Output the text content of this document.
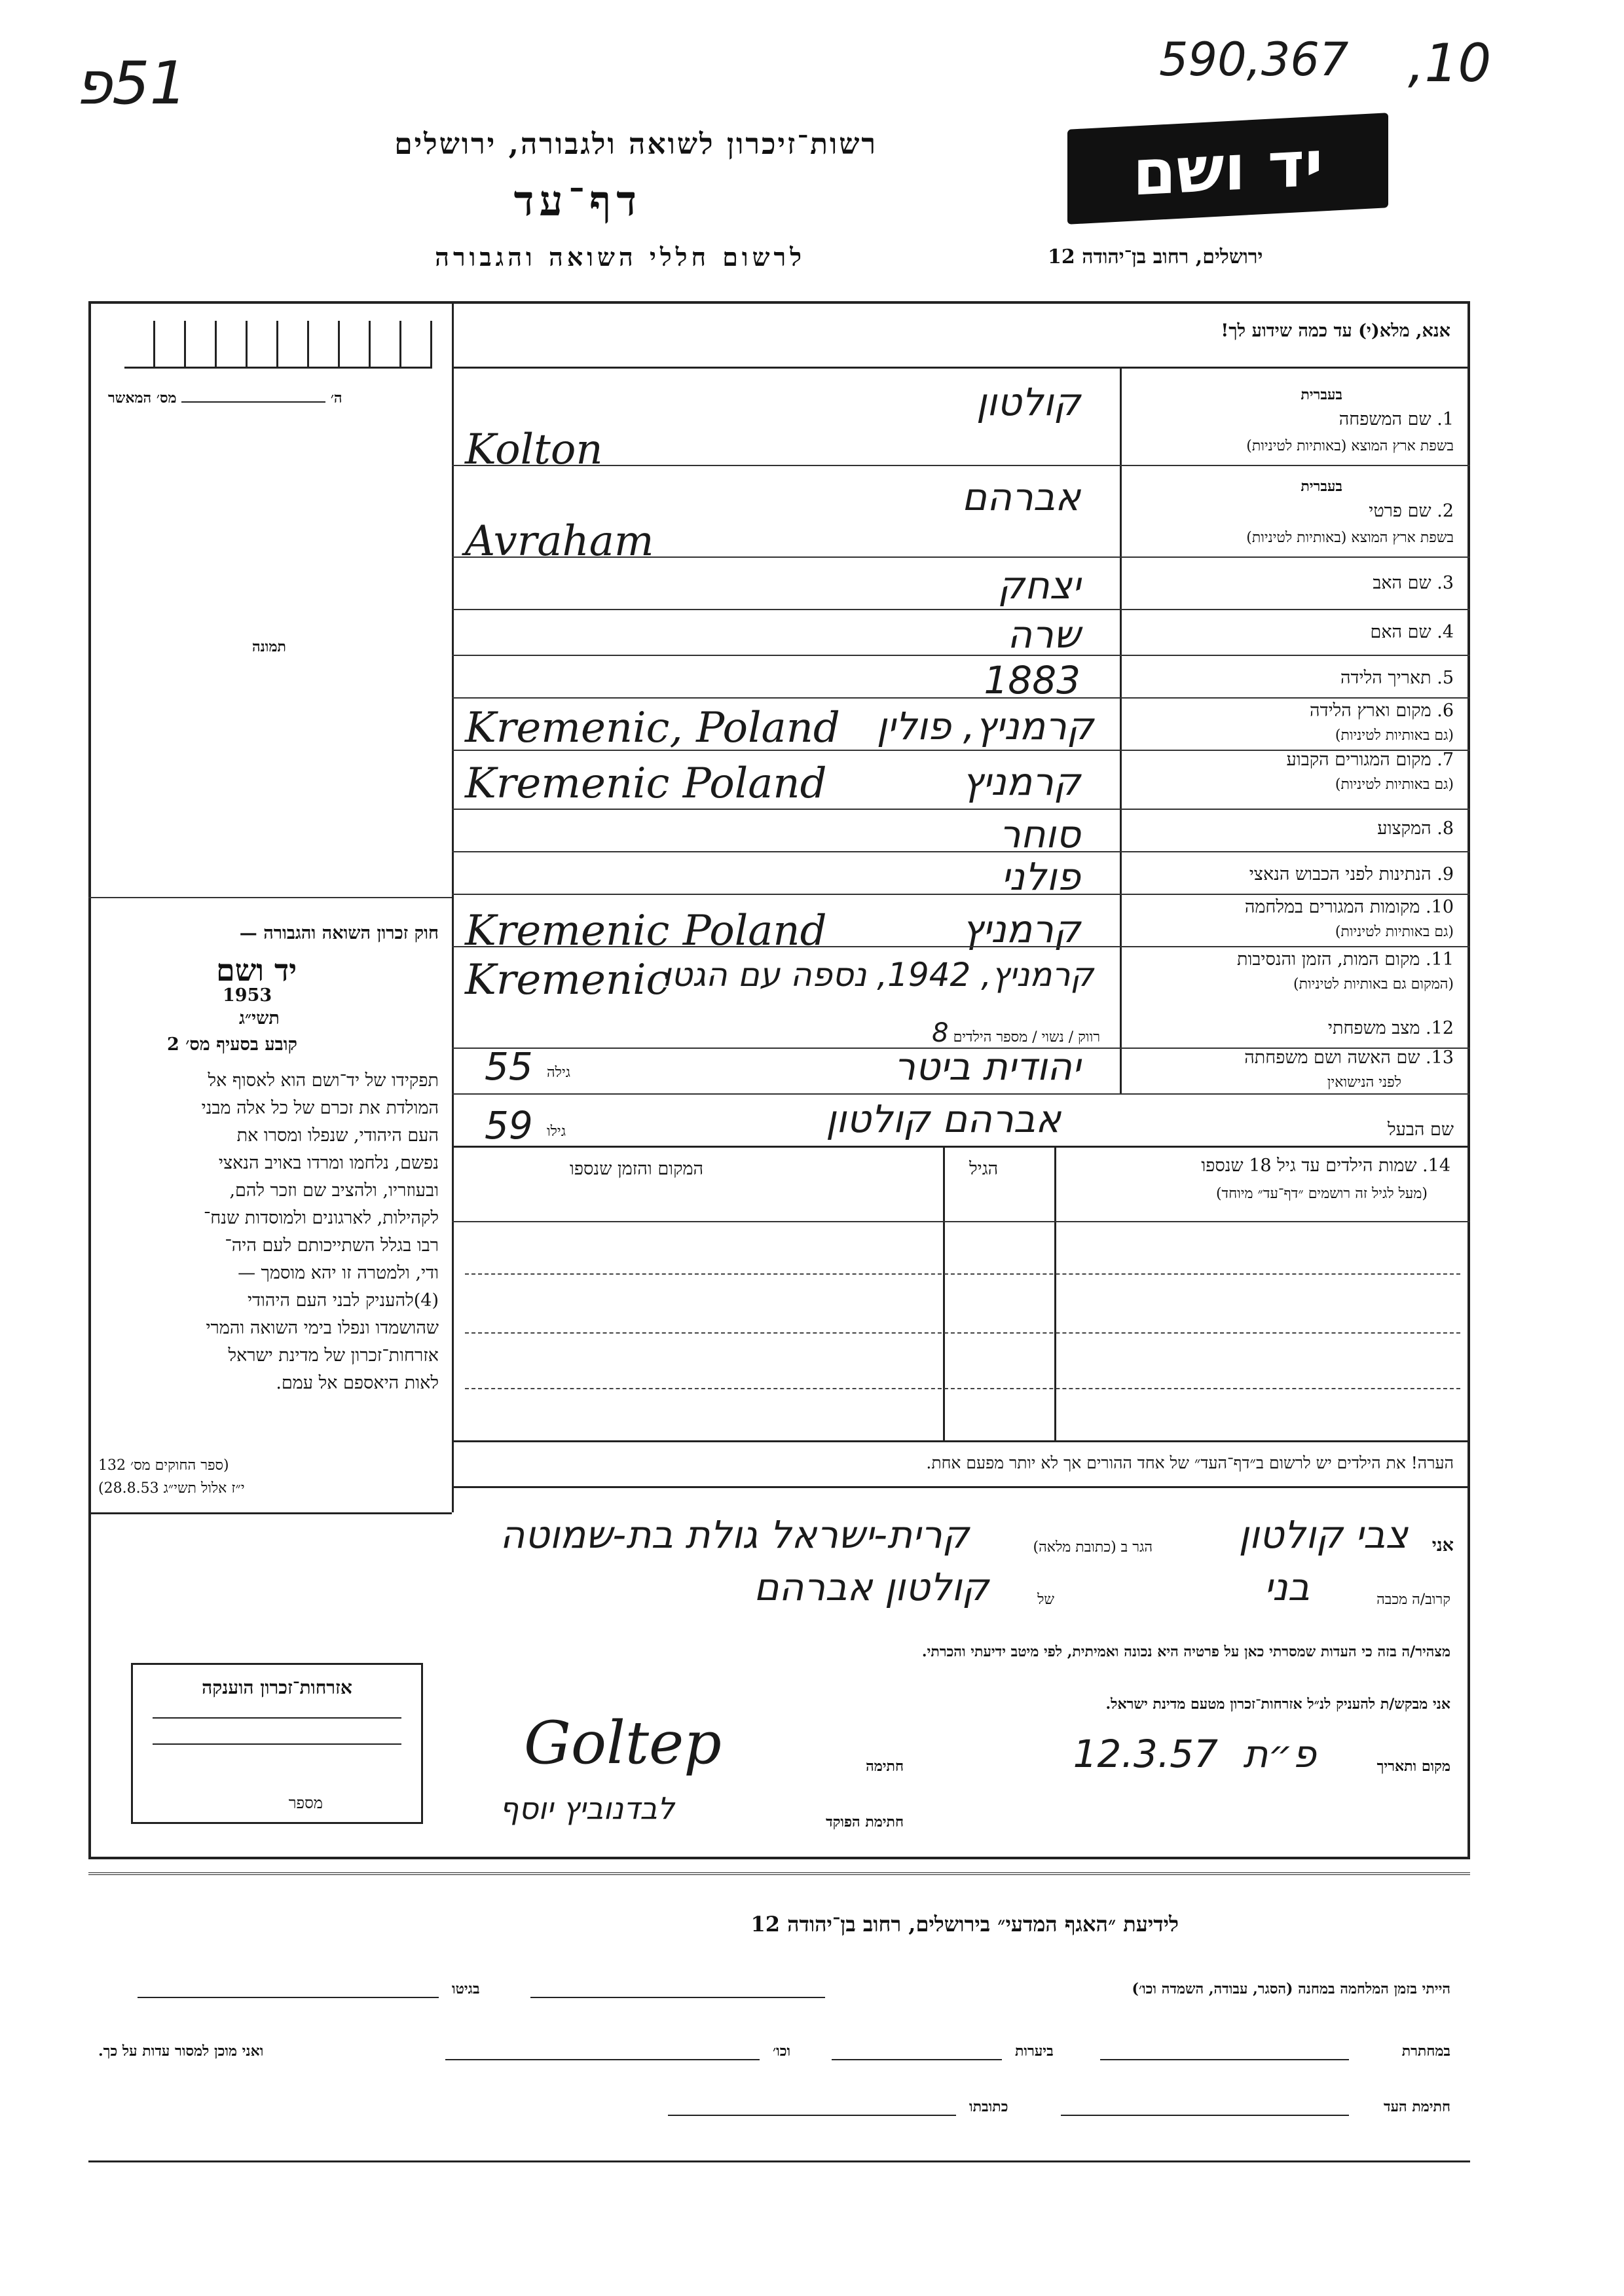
51פ	590,367 ,10
רשות־זיכרון לשואה ולגבורה, ירושלים
דף־עד
לרשום חללי השואה והגבורה
יד ושם
ירושלים, רחוב בן־יהודה 12
אנא, מלא(י) עד כמה שידוע לך!
ה׳  מס׳ המאשר
תמונה
בעברית
1. שם המשפחה
בשפת ארץ המוצא (באותיות לטיניות)
קולטון
Kolton
בעברית
2. שם פרטי
בשפת ארץ המוצא (באותיות לטיניות)
אברהם
Avraham
3. שם האב
יצחק
4. שם האם
שרה
5. תאריך הלידה
1883
6. מקום וארץ הלידה
(גם באותיות לטיניות)
קרמניץ, פולין
Kremenic, Poland
7. מקום המגורים הקבוע
(גם באותיות לטיניות)
קרמניץ
Kremenic Poland
8. המקצוע
סוחר
9. הנתינות לפני הכבוש הנאצי
פולני
10. מקומות המגורים במלחמה
(גם באותיות לטיניות)
קרמניץ
Kremenic Poland
11. מקום המות, הזמן והנסיבות
(המקום גם באותיות לטיניות)
קרמניץ, 1942, נספה עם הגטו
Kremenic
רווק / נשוי / מספר הילדים 8	12. מצב משפחתי
13. שם האשה ושם משפחתה
לפני הנישואין
יהודית ביטר
גילה
55
שם הבעל
אברהם קולטון
גילו
59
14. שמות הילדים עד גיל 18 שנספו
(מעל לגיל זה רושמים ״דף־עד״ מיוחד)
הגיל
המקום והזמן שנספו
הערה! את הילדים יש לרשום ב״דף־העד״ של אחד ההורים אך לא יותר מפעם אחת.
חוק זכרון השואה והגבורה —
יד ושם
תשי״ג
1953
קובע בסעיף מס׳ 2
תפקידו של יד־ושם הוא לאסוף אל
המולדת את זכרם של כל אלה מבני
העם היהודי, שנפלו ומסרו את
נפשם, נלחמו ומרדו באויב הנאצי
ובעוזריו, ולהציב שם וזכר להם,
לקהילות, לארגונים ולמוסדות שנח־
רבו בגלל השתייכותם לעם היה־
ודי, ולמטרה זו יהא מוסמך —
(4)להעניק לבני העם היהודי
שהושמדו ונפלו בימי השואה והמרי
אזרחות־זכרון של מדינת ישראל
לאות היאספם אל עמם.
(ספר החוקים מס׳ 132
י״ז אלול תשי״ג 28.8.53)
אני
צבי קולטון
הגר ב (כתובת מלאה)
קרית-ישראל גולת בת-שמוטה
קרוב/ה מכבה
בני
של
קולטון אברהם
מצהיר/ה בזה כי העדות שמסרתי כאן על פרטיה היא נכונה ואמיתית, לפי מיטב ידיעתי והכרתי.
אני מבקש/ת להעניק לנ״ל אזרחות־זכרון מטעם מדינת ישראל.
מקום ותאריך
פ״ת
12.3.57
חתימה
Goltep
חתימת הפוקד
לבדנוביץ יוסף
אזרחות־זכרון הוענקה
מספר
לידיעת ״האגף המדעי״ בירושלים, רחוב בן־יהודה 12
הייתי בזמן המלחמה במחנה (הסגר, עבודה, השמדה וכו׳)
בגיטו
במחתרת
ביערות
וכו׳
ואני מוכן למסור עדות על כך.
חתימת העד
כתובתו
